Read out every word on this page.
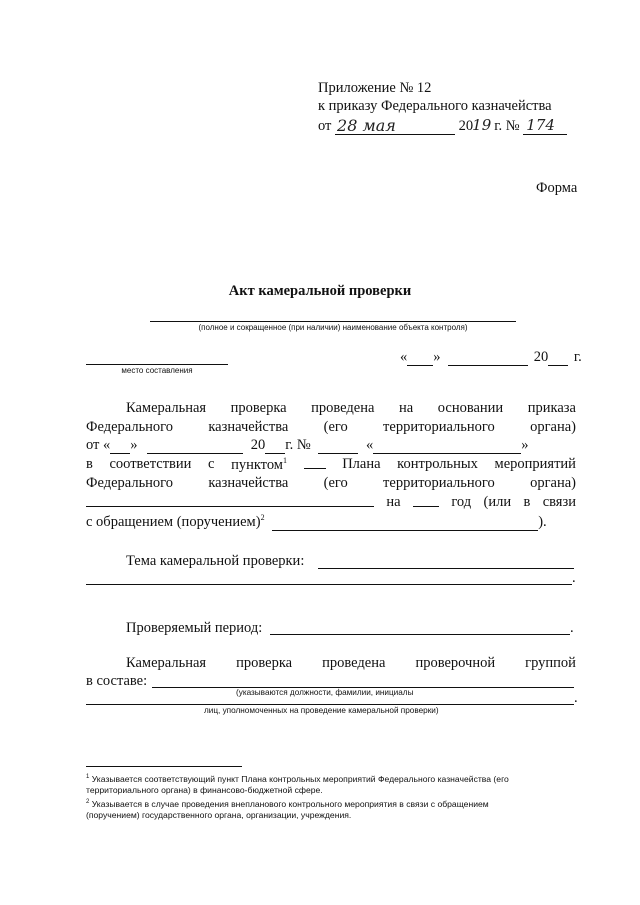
Приложение № 12
к приказу Федерального казначейства
от 28 мая	2019 г. № 174
Форма
Акт камеральной проверки
(полное и сокращенное (при наличии) наименование объекта контроля)
место составления
« »	20 г.
Камеральная проверка проведена на основании приказа
Федерального казначейства (его территориального органа)
от « »	20 г. №	«	»
в соответствии с пунктом$^1$	Плана контрольных мероприятий
Федерального казначейства (его территориального органа)
на	год (или в связи
с обращением (поручением)$^2$	).
Тема камеральной проверки:
.
Проверяемый период:	.
Камеральная проверка проведена проверочной группой
в составе:
(указываются должности, фамилии, инициалы	.
лиц, уполномоченных на проведение камеральной проверки)
$^1$ Указывается соответствующий пункт Плана контрольных мероприятий Федерального казначейства (его
территориального органа) в финансово-бюджетной сфере.
$^2$ Указывается в случае проведения внепланового контрольного мероприятия в связи с обращением
(поручением) государственного органа, организации, учреждения.
